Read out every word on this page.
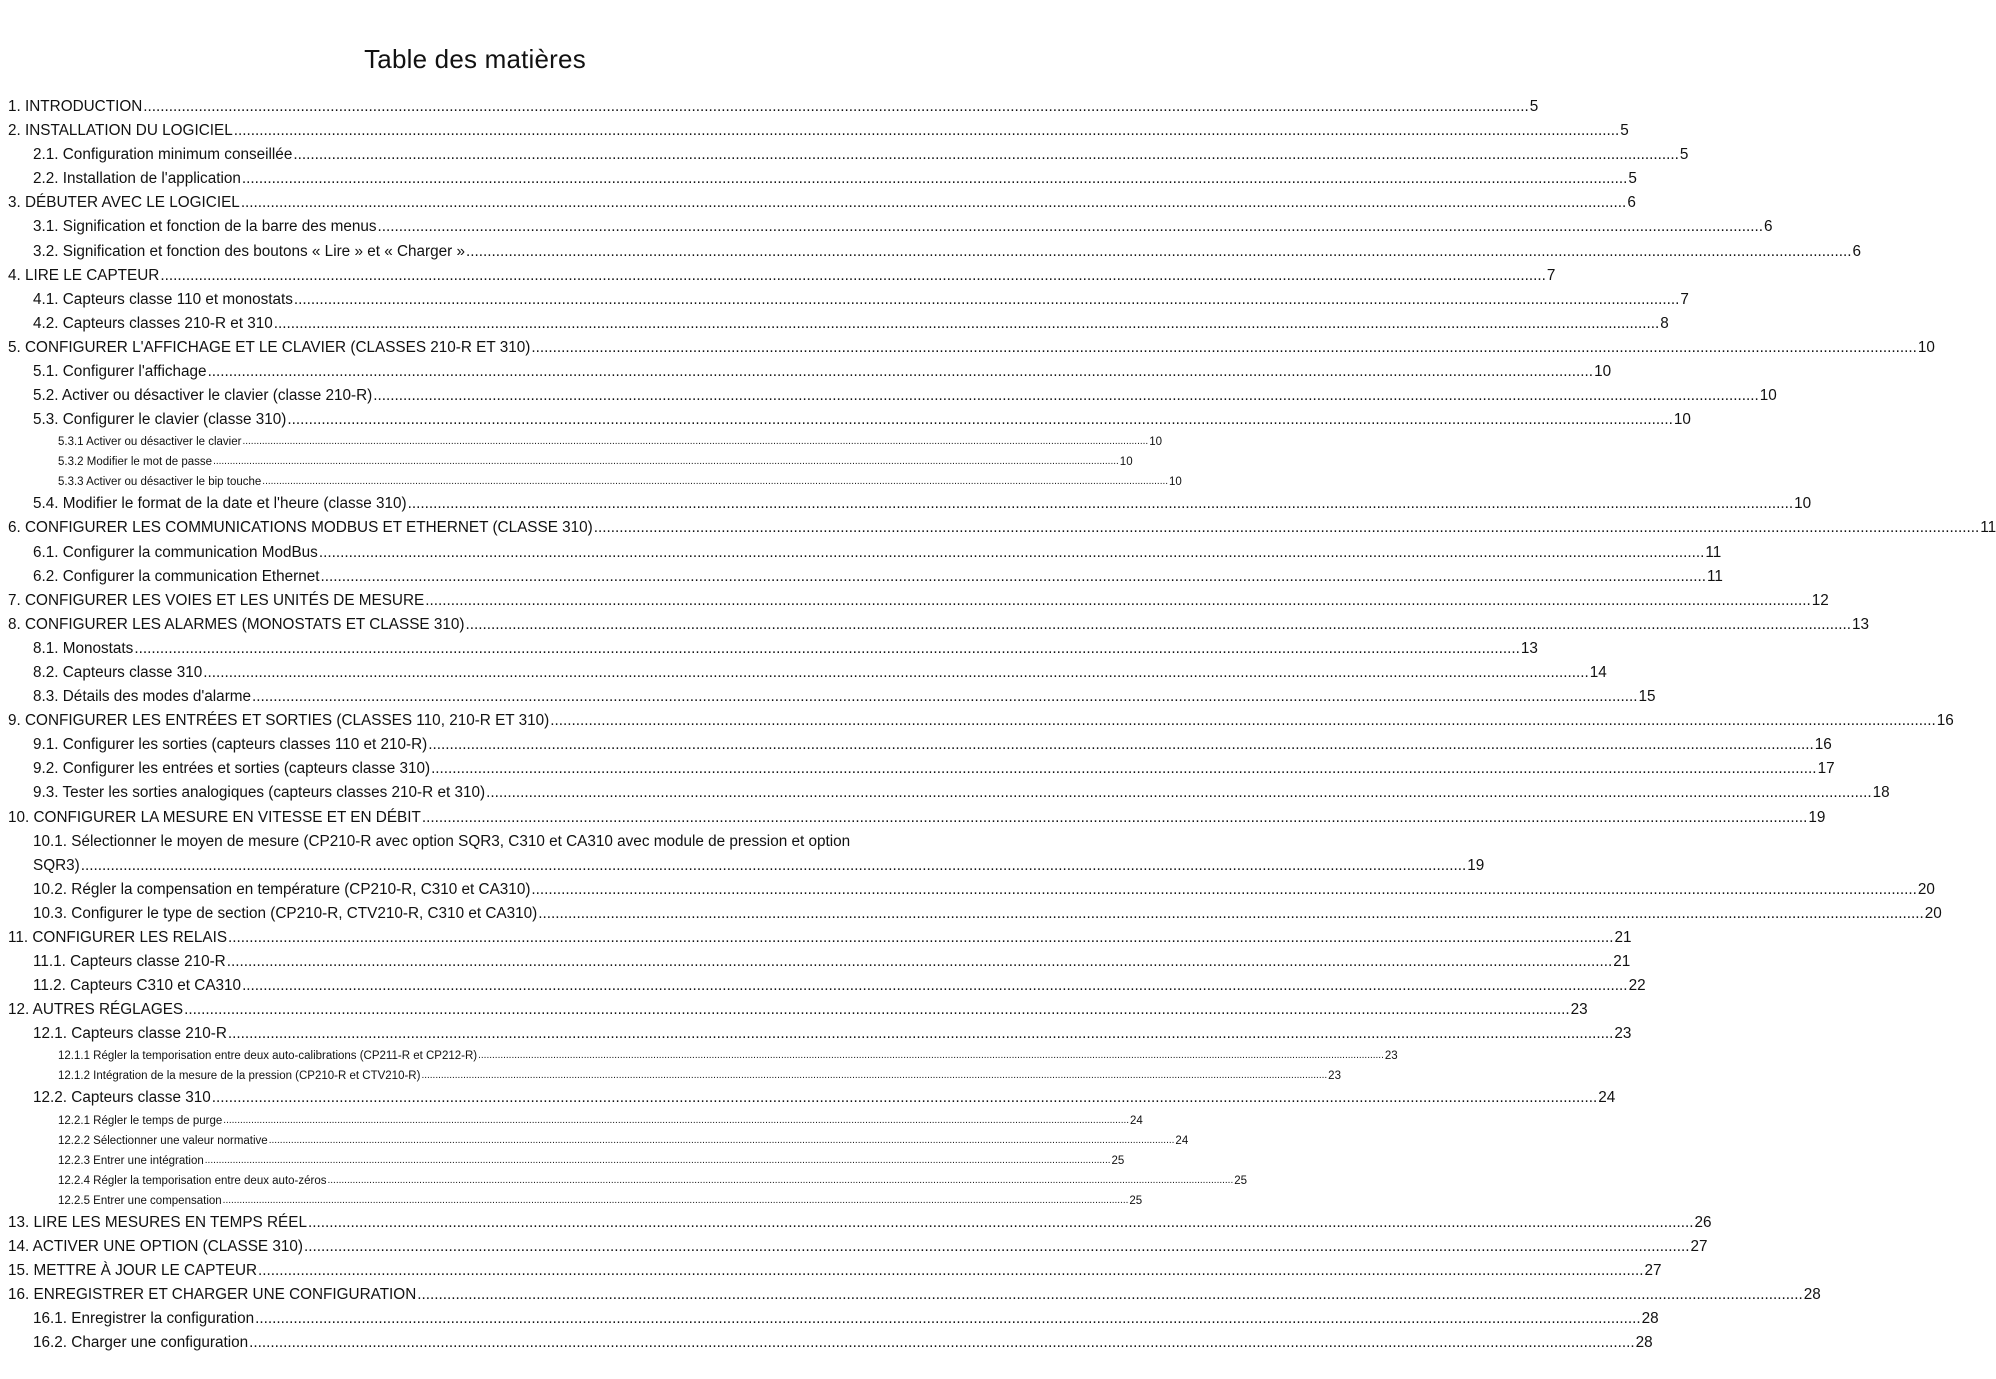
Table des matières
1. INTRODUCTION .....	5
2. INSTALLATION DU LOGICIEL .....	5
2.1. Configuration minimum conseillée .....	5
2.2. Installation de l'application .....	5
3. DÉBUTER AVEC LE LOGICIEL .....	6
3.1. Signification et fonction de la barre des menus .....	6
3.2. Signification et fonction des boutons « Lire » et « Charger » .....	6
4. LIRE LE CAPTEUR .....	7
4.1. Capteurs classe 110 et monostats .....	7
4.2. Capteurs classes 210-R et 310 .....	8
5. CONFIGURER L'AFFICHAGE ET LE CLAVIER (CLASSES 210-R ET 310) .....	10
5.1. Configurer l'affichage .....	10
5.2. Activer ou désactiver le clavier (classe 210-R) .....	10
5.3. Configurer le clavier (classe 310) .....	10
5.3.1 Activer ou désactiver le clavier .....	10
5.3.2 Modifier le mot de passe .....	10
5.3.3 Activer ou désactiver le bip touche .....	10
5.4. Modifier le format de la date et l'heure (classe 310) .....	10
6. CONFIGURER LES COMMUNICATIONS MODBUS ET ETHERNET (CLASSE 310) .....	11
6.1. Configurer la communication ModBus .....	11
6.2. Configurer la communication Ethernet .....	11
7. CONFIGURER LES VOIES ET LES UNITÉS DE MESURE .....	12
8. CONFIGURER LES ALARMES (MONOSTATS ET CLASSE 310) .....	13
8.1. Monostats .....	13
8.2. Capteurs classe 310 .....	14
8.3. Détails des modes d'alarme .....	15
9. CONFIGURER LES ENTRÉES ET SORTIES (CLASSES 110, 210-R ET 310) .....	16
9.1. Configurer les sorties (capteurs classes 110 et 210-R) .....	16
9.2. Configurer les entrées et sorties (capteurs classe 310) .....	17
9.3. Tester les sorties analogiques (capteurs classes 210-R et 310) .....	18
10. CONFIGURER LA MESURE EN VITESSE ET EN DÉBIT .....	19
10.1. Sélectionner le moyen de mesure (CP210-R avec option SQR3, C310 et CA310 avec module de pression et option
SQR3) .....	19
10.2. Régler la compensation en température (CP210-R, C310 et CA310) .....	20
10.3. Configurer le type de section (CP210-R, CTV210-R, C310 et CA310) .....	20
11. CONFIGURER LES RELAIS .....	21
11.1. Capteurs classe 210-R .....	21
11.2. Capteurs C310 et CA310 .....	22
12. AUTRES RÉGLAGES .....	23
12.1. Capteurs classe 210-R .....	23
12.1.1 Régler la temporisation entre deux auto-calibrations (CP211-R et CP212-R) .....	23
12.1.2 Intégration de la mesure de la pression (CP210-R et CTV210-R) .....	23
12.2. Capteurs classe 310 .....	24
12.2.1 Régler le temps de purge .....	24
12.2.2 Sélectionner une valeur normative .....	24
12.2.3 Entrer une intégration .....	25
12.2.4 Régler la temporisation entre deux auto-zéros .....	25
12.2.5 Entrer une compensation .....	25
13. LIRE LES MESURES EN TEMPS RÉEL .....	26
14. ACTIVER UNE OPTION (CLASSE 310) .....	27
15. METTRE À JOUR LE CAPTEUR .....	27
16. ENREGISTRER ET CHARGER UNE CONFIGURATION .....	28
16.1. Enregistrer la configuration .....	28
16.2. Charger une configuration .....	28
